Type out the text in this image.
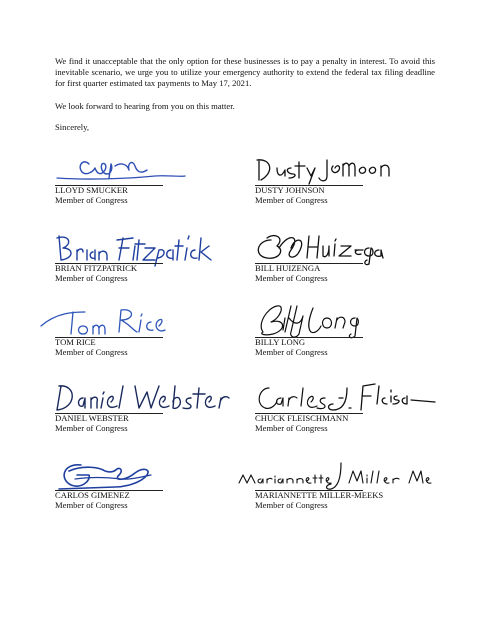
We find it unacceptable that the only option for these businesses is to pay a penalty in interest. To avoid this inevitable scenario, we urge you to utilize your emergency authority to extend the federal tax filing deadline for first quarter estimated tax payments to May 17, 2021.

We look forward to hearing from you on this matter.

Sincerely,

LLOYD SMUCKER
Member of Congress
DUSTY JOHNSON
Member of Congress
BRIAN FITZPATRICK
Member of Congress
BILL HUIZENGA
Member of Congress
TOM RICE
Member of Congress
BILLY LONG
Member of Congress
DANIEL WEBSTER
Member of Congress
CHUCK FLEISCHMANN
Member of Congress
CARLOS GIMENEZ
Member of Congress
MARIANNETTE MILLER-MEEKS
Member of Congress
